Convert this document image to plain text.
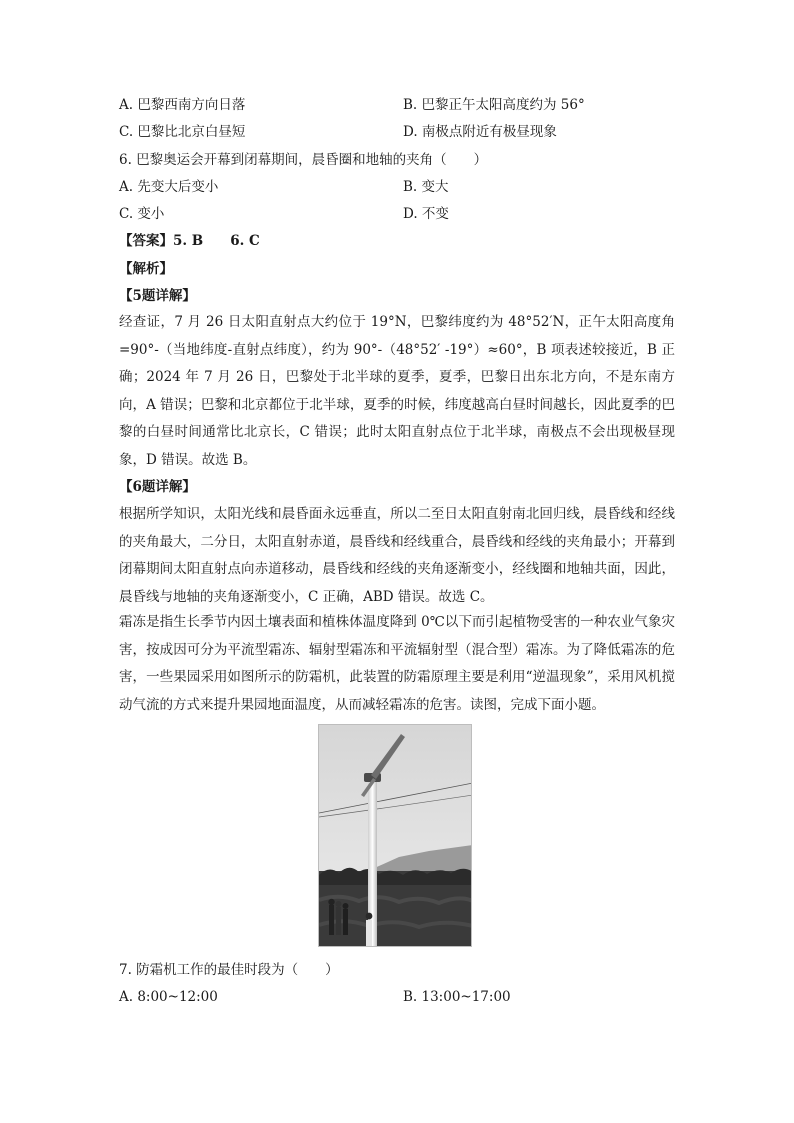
A. 巴黎西南方向日落	B. 巴黎正午太阳高度约为 56°
C. 巴黎比北京白昼短	D. 南极点附近有极昼现象
6. 巴黎奥运会开幕到闭幕期间，晨昏圈和地轴的夹角（　　）
A. 先变大后变小	B. 变大
C. 变小	D. 不变
【答案】5. B　　6. C
【解析】
【5题详解】
经查证，7 月 26 日太阳直射点大约位于 19°N，巴黎纬度约为 48°52′N，正午太阳高度角=90°-（当地纬度-直射点纬度），约为 90°-（48°52′ -19°）≈60°，B 项表述较接近，B 正确；2024 年 7 月 26 日，巴黎处于北半球的夏季，夏季，巴黎日出东北方向，不是东南方向，A 错误；巴黎和北京都位于北半球，夏季的时候，纬度越高白昼时间越长，因此夏季的巴黎的白昼时间通常比北京长，C 错误；此时太阳直射点位于北半球，南极点不会出现极昼现象，D 错误。故选 B。
【6题详解】
根据所学知识，太阳光线和晨昏面永远垂直，所以二至日太阳直射南北回归线，晨昏线和经线的夹角最大，二分日，太阳直射赤道，晨昏线和经线重合，晨昏线和经线的夹角最小；开幕到闭幕期间太阳直射点向赤道移动，晨昏线和经线的夹角逐渐变小，经线圈和地轴共面，因此，晨昏线与地轴的夹角逐渐变小，C 正确，ABD 错误。故选 C。
霜冻是指生长季节内因土壤表面和植株体温度降到 0℃以下而引起植物受害的一种农业气象灾害，按成因可分为平流型霜冻、辐射型霜冻和平流辐射型（混合型）霜冻。为了降低霜冻的危害，一些果园采用如图所示的防霜机，此装置的防霜原理主要是利用“逆温现象”，采用风机搅动气流的方式来提升果园地面温度，从而减轻霜冻的危害。读图，完成下面小题。
7. 防霜机工作的最佳时段为（　　）
A. 8:00~12:00	B. 13:00~17:00
